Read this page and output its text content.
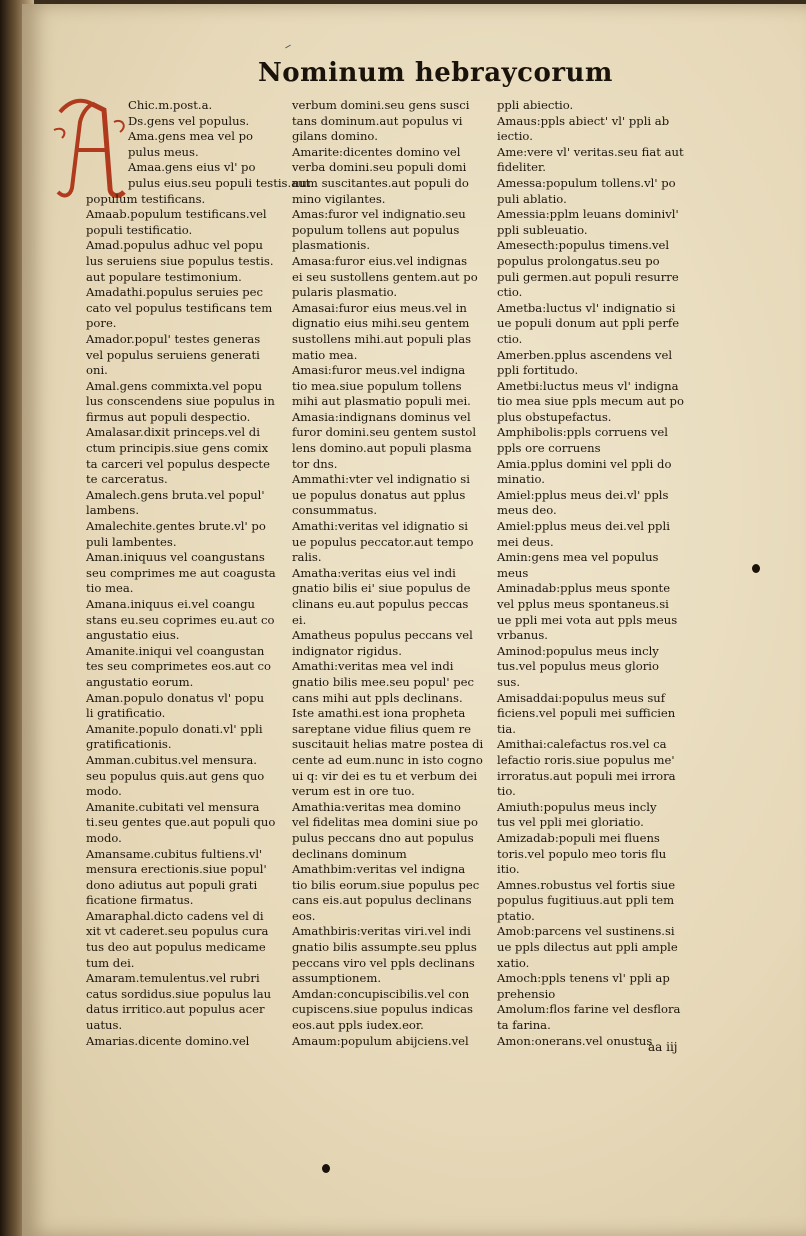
Nominum hebraycorum
Chic.m.post.a.
Ds.gens vel populus.
Ama.gens mea vel po
pulus meus.
Amaa.gens eius vl' po
pulus eius.seu populi testis.aut
populum testificans.
Amaab.populum testificans.vel
populi testificatio.
Amad.populus adhuc vel popu
lus seruiens siue populus testis.
aut populare testimonium.
Amadathi.populus seruies pec
cato vel populus testificans tem
pore.
Amador.popul' testes generas
vel populus seruiens generati
oni.
Amal.gens commixta.vel popu
lus conscendens siue populus in
firmus aut populi despectio.
Amalasar.dixit princeps.vel di
ctum principis.siue gens comix
ta carceri vel populus despecte
te carceratus.
Amalech.gens bruta.vel popul'
lambens.
Amalechite.gentes brute.vl' po
puli lambentes.
Aman.iniquus vel coangustans
seu comprimes me aut coagusta
tio mea.
Amana.iniquus ei.vel coangu
stans eu.seu coprimes eu.aut co
angustatio eius.
Amanite.iniqui vel coangustan
tes seu comprimetes eos.aut co
angustatio eorum.
Aman.populo donatus vl' popu
li gratificatio.
Amanite.populo donati.vl' ppli
gratificationis.
Amman.cubitus.vel mensura.
seu populus quis.aut gens quo
modo.
Amanite.cubitati vel mensura
ti.seu gentes que.aut populi quo
modo.
Amansame.cubitus fultiens.vl'
mensura erectionis.siue popul'
dono adiutus aut populi grati
ficatione firmatus.
Amaraphal.dicto cadens vel di
xit vt caderet.seu populus cura
tus deo aut populus medicame
tum dei.
Amaram.temulentus.vel rubri
catus sordidus.siue populus lau
datus irritico.aut populus acer
uatus.
Amarias.dicente domino.vel
verbum domini.seu gens susci
tans dominum.aut populus vi
gilans domino.
Amarite:dicentes domino vel
verba domini.seu populi domi
num suscitantes.aut populi do
mino vigilantes.
Amas:furor vel indignatio.seu
populum tollens aut populus
plasmationis.
Amasa:furor eius.vel indignas
ei seu sustollens gentem.aut po
pularis plasmatio.
Amasai:furor eius meus.vel in
dignatio eius mihi.seu gentem
sustollens mihi.aut populi plas
matio mea.
Amasi:furor meus.vel indigna
tio mea.siue populum tollens
mihi aut plasmatio populi mei.
Amasia:indignans dominus vel
furor domini.seu gentem sustol
lens domino.aut populi plasma
tor dns.
Ammathi:vter vel indignatio si
ue populus donatus aut pplus
consummatus.
Amathi:veritas vel idignatio si
ue populus peccator.aut tempo
ralis.
Amatha:veritas eius vel indi
gnatio bilis ei' siue populus de
clinans eu.aut populus peccas
ei.
Amatheus populus peccans vel
indignator rigidus.
Amathi:veritas mea vel indi
gnatio bilis mee.seu popul' pec
cans mihi aut ppls declinans.
Iste amathi.est iona propheta
sareptane vidue filius quem re
suscitauit helias matre postea di
cente ad eum.nunc in isto cogno
ui q: vir dei es tu et verbum dei
verum est in ore tuo.
Amathia:veritas mea domino
vel fidelitas mea domini siue po
pulus peccans dno aut populus
declinans dominum
Amathbim:veritas vel indigna
tio bilis eorum.siue populus pec
cans eis.aut populus declinans
eos.
Amathbiris:veritas viri.vel indi
gnatio bilis assumpte.seu pplus
peccans viro vel ppls declinans
assumptionem.
Amdan:concupiscibilis.vel con
cupiscens.siue populus indicas
eos.aut ppls iudex.eor.
Amaum:populum abijciens.vel
ppli abiectio.
Amaus:ppls abiect' vl' ppli ab
iectio.
Ame:vere vl' veritas.seu fiat aut
fideliter.
Amessa:populum tollens.vl' po
puli ablatio.
Amessia:pplm leuans dominivl'
ppli subleuatio.
Amesecth:populus timens.vel
populus prolongatus.seu po
puli germen.aut populi resurre
ctio.
Ametba:luctus vl' indignatio si
ue populi donum aut ppli perfe
ctio.
Amerben.pplus ascendens vel
ppli fortitudo.
Ametbi:luctus meus vl' indigna
tio mea siue ppls mecum aut po
plus obstupefactus.
Amphibolis:ppls corruens vel
ppls ore corruens
Amia.pplus domini vel ppli do
minatio.
Amiel:pplus meus dei.vl' ppls
meus deo.
Amiel:pplus meus dei.vel ppli
mei deus.
Amin:gens mea vel populus
meus
Aminadab:pplus meus sponte
vel pplus meus spontaneus.si
ue ppli mei vota aut ppls meus
vrbanus.
Aminod:populus meus incly
tus.vel populus meus glorio
sus.
Amisaddai:populus meus suf
ficiens.vel populi mei sufficien
tia.
Amithai:calefactus ros.vel ca
lefactio roris.siue populus me'
irroratus.aut populi mei irrora
tio.
Amiuth:populus meus incly
tus vel ppli mei gloriatio.
Amizadab:populi mei fluens
toris.vel populo meo toris flu
itio.
Amnes.robustus vel fortis siue
populus fugitiuus.aut ppli tem
ptatio.
Amob:parcens vel sustinens.si
ue ppls dilectus aut ppli ample
xatio.
Amoch:ppls tenens vl' ppli ap
prehensio
Amolum:flos farine vel desflora
ta farina.
Amon:onerans.vel onustus
aa iij
